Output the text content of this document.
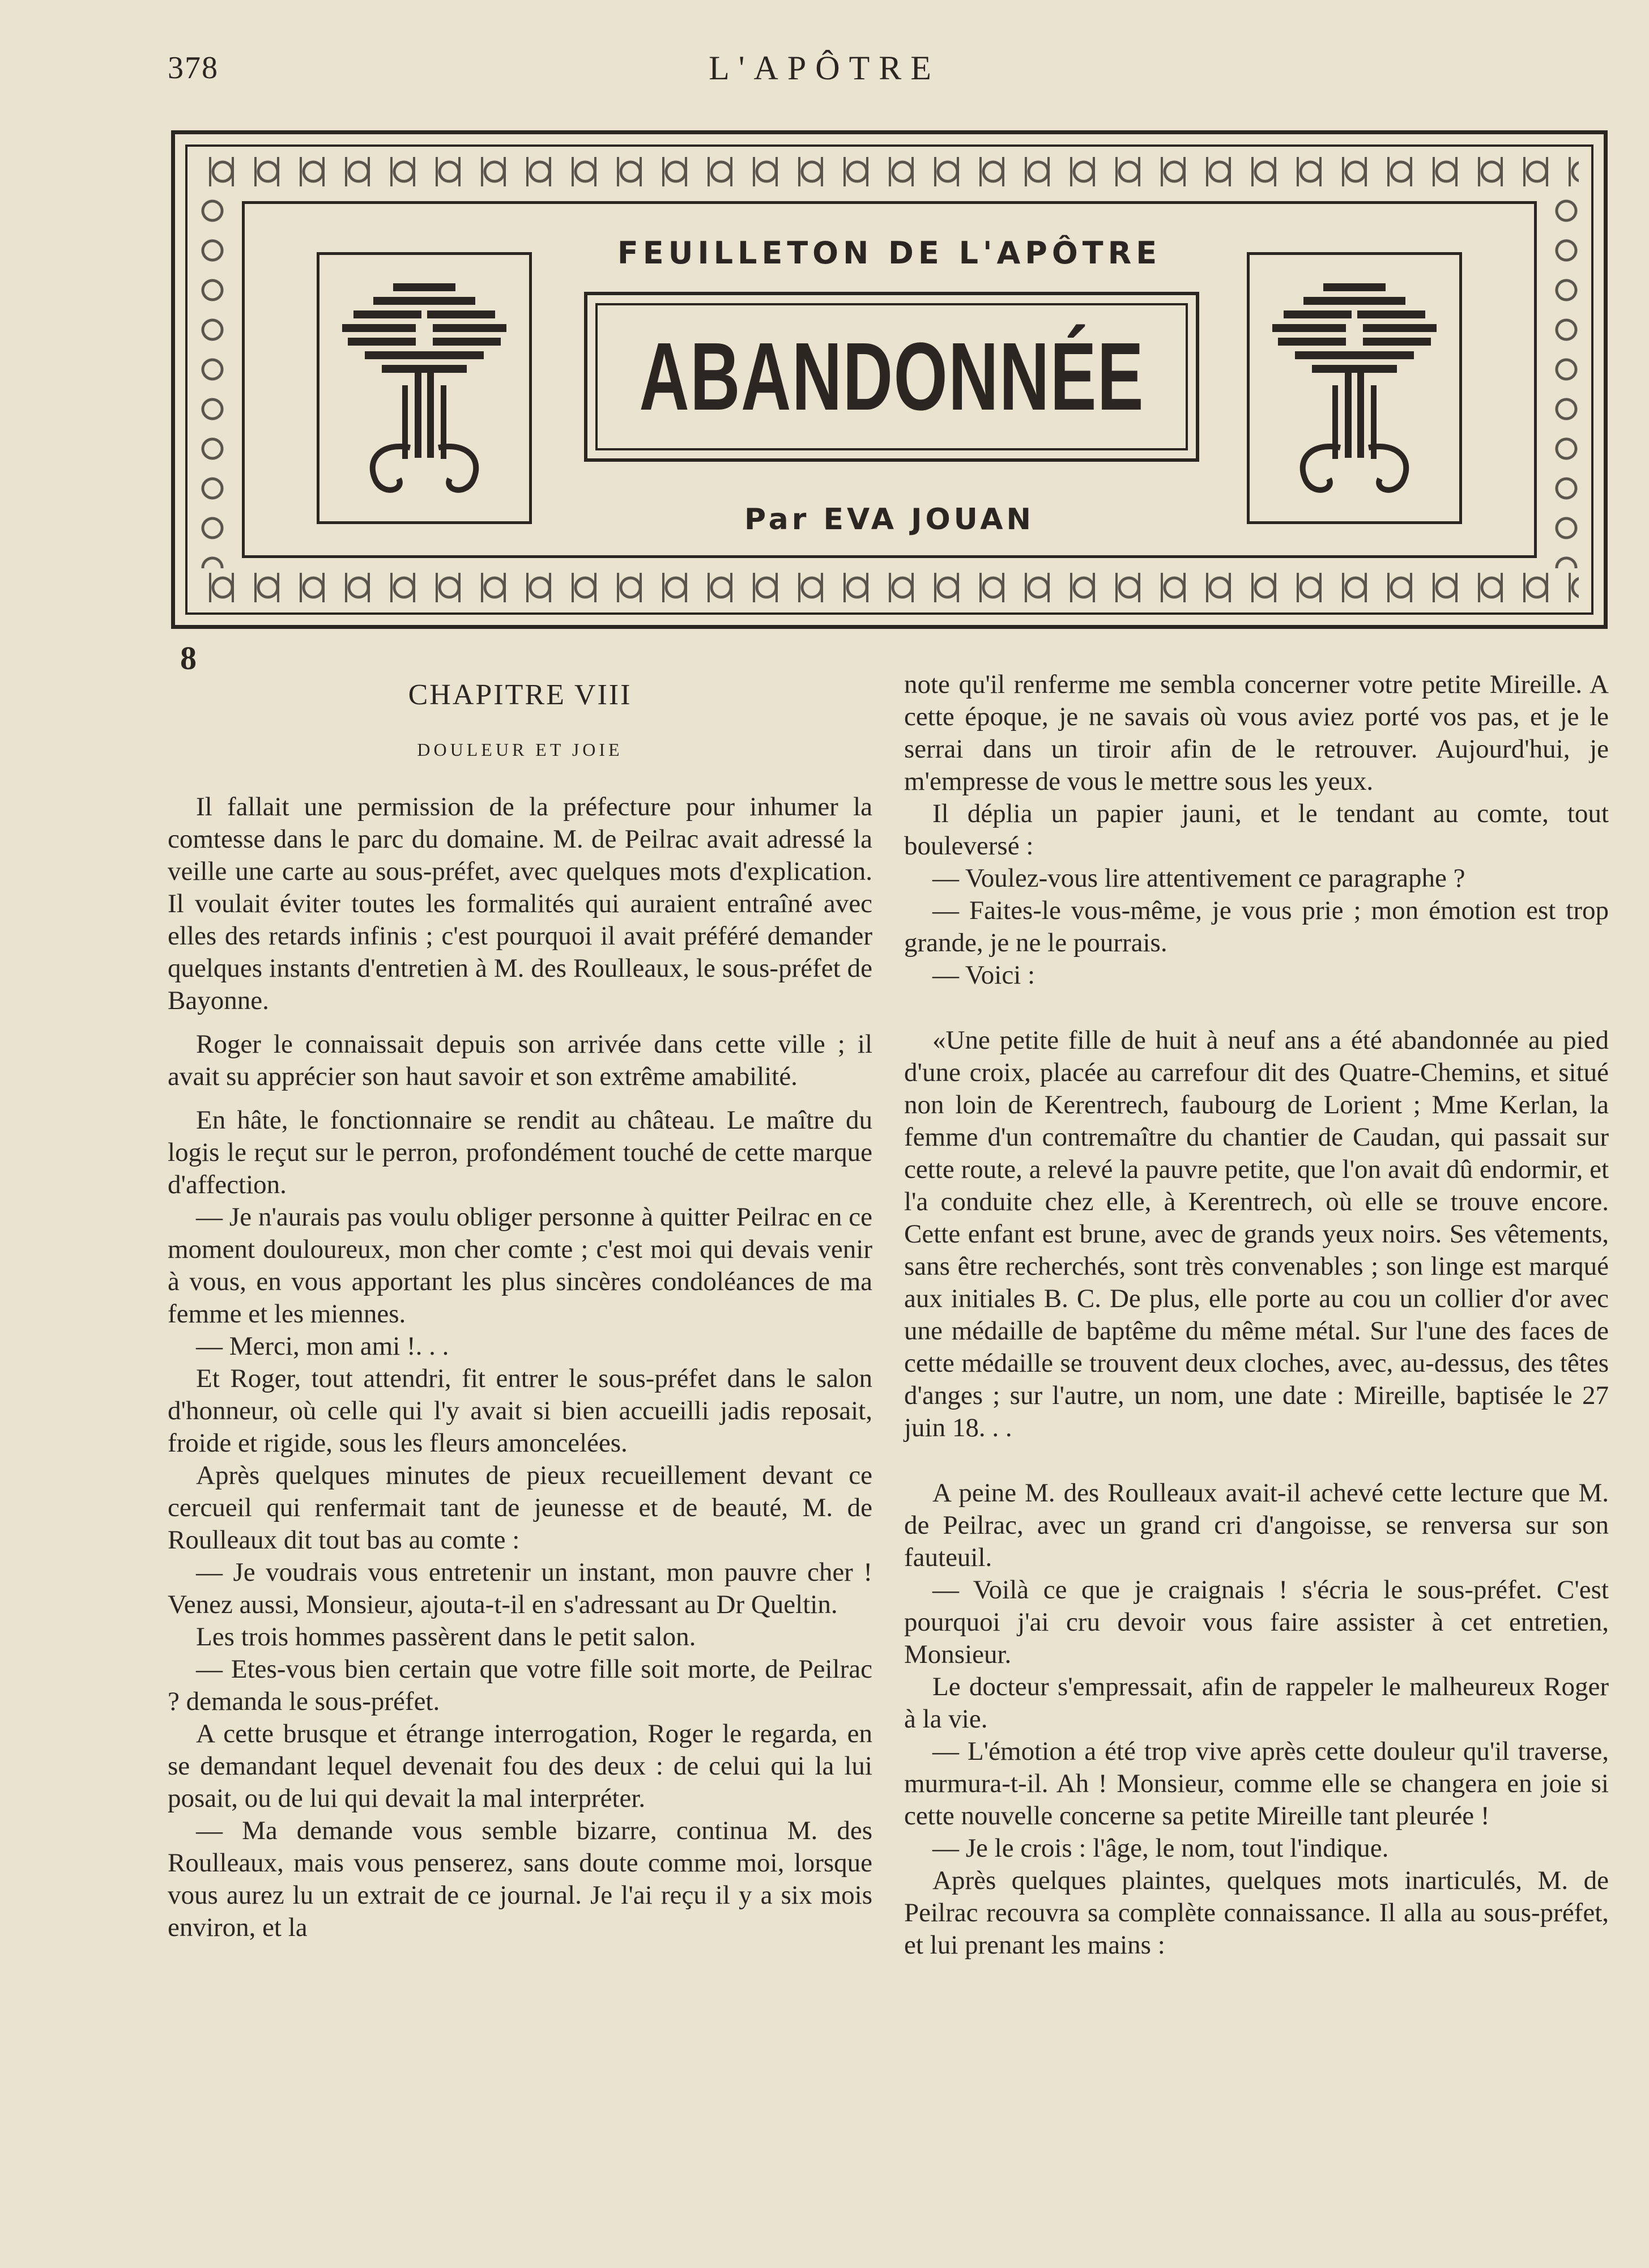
378	L'APÔTRE
FEUILLETON DE L'APÔTRE
ABANDONNÉE
Par EVA JOUAN
8
CHAPITRE VIII
DOULEUR ET JOIE

Il fallait une permission de la préfecture pour inhumer la comtesse dans le parc du domaine. M. de Peilrac avait adressé la veille une carte au sous-préfet, avec quelques mots d'explication. Il voulait éviter toutes les formalités qui auraient entraîné avec elles des retards infinis ; c'est pourquoi il avait préféré demander quelques instants d'entretien à M. des Roulleaux, le sous-préfet de Bayonne.

Roger le connaissait depuis son arrivée dans cette ville ; il avait su apprécier son haut savoir et son extrême amabilité.

En hâte, le fonctionnaire se rendit au château. Le maître du logis le reçut sur le perron, profondément touché de cette marque d'affection.

— Je n'aurais pas voulu obliger personne à quitter Peilrac en ce moment douloureux, mon cher comte ; c'est moi qui devais venir à vous, en vous apportant les plus sincères condoléances de ma femme et les miennes.

— Merci, mon ami !. . .

Et Roger, tout attendri, fit entrer le sous-préfet dans le salon d'honneur, où celle qui l'y avait si bien accueilli jadis reposait, froide et rigide, sous les fleurs amoncelées.

Après quelques minutes de pieux recueillement devant ce cercueil qui renfermait tant de jeunesse et de beauté, M. de Roulleaux dit tout bas au comte :

— Je voudrais vous entretenir un instant, mon pauvre cher ! Venez aussi, Monsieur, ajouta-t-il en s'adressant au Dr Queltin.

Les trois hommes passèrent dans le petit salon.

— Etes-vous bien certain que votre fille soit morte, de Peilrac ? demanda le sous-préfet.

A cette brusque et étrange interrogation, Roger le regarda, en se demandant lequel devenait fou des deux : de celui qui la lui posait, ou de lui qui devait la mal interpréter.

— Ma demande vous semble bizarre, continua M. des Roulleaux, mais vous penserez, sans doute comme moi, lorsque vous aurez lu un extrait de ce journal. Je l'ai reçu il y a six mois environ, et la

note qu'il renferme me sembla concerner votre petite Mireille. A cette époque, je ne savais où vous aviez porté vos pas, et je le serrai dans un tiroir afin de le retrouver. Aujourd'hui, je m'empresse de vous le mettre sous les yeux.

Il déplia un papier jauni, et le tendant au comte, tout bouleversé :

— Voulez-vous lire attentivement ce paragraphe ?

— Faites-le vous-même, je vous prie ; mon émotion est trop grande, je ne le pourrais.

— Voici :

«Une petite fille de huit à neuf ans a été abandonnée au pied d'une croix, placée au carrefour dit des Quatre-Chemins, et situé non loin de Kerentrech, faubourg de Lorient ; Mme Kerlan, la femme d'un contremaître du chantier de Caudan, qui passait sur cette route, a relevé la pauvre petite, que l'on avait dû endormir, et l'a conduite chez elle, à Kerentrech, où elle se trouve encore. Cette enfant est brune, avec de grands yeux noirs. Ses vêtements, sans être recherchés, sont très convenables ; son linge est marqué aux initiales B. C. De plus, elle porte au cou un collier d'or avec une médaille de baptême du même métal. Sur l'une des faces de cette médaille se trouvent deux cloches, avec, au-dessus, des têtes d'anges ; sur l'autre, un nom, une date : Mireille, baptisée le 27 juin 18. . .

A peine M. des Roulleaux avait-il achevé cette lecture que M. de Peilrac, avec un grand cri d'angoisse, se renversa sur son fauteuil.

— Voilà ce que je craignais ! s'écria le sous-préfet. C'est pourquoi j'ai cru devoir vous faire assister à cet entretien, Monsieur.

Le docteur s'empressait, afin de rappeler le malheureux Roger à la vie.

— L'émotion a été trop vive après cette douleur qu'il traverse, murmura-t-il. Ah ! Monsieur, comme elle se changera en joie si cette nouvelle concerne sa petite Mireille tant pleurée !

— Je le crois : l'âge, le nom, tout l'indique.

Après quelques plaintes, quelques mots inarticulés, M. de Peilrac recouvra sa complète connaissance. Il alla au sous-préfet, et lui prenant les mains :
